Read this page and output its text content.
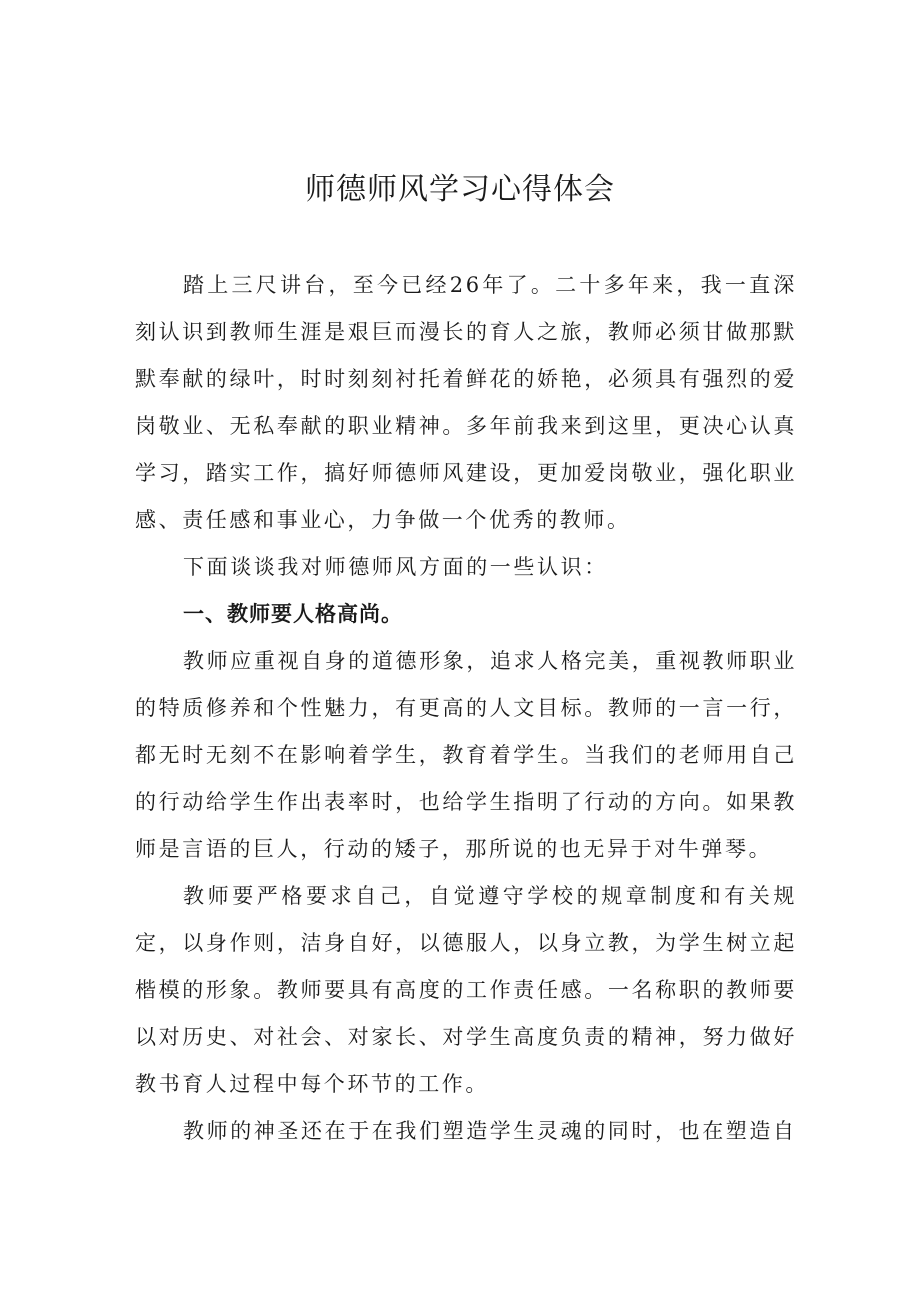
师德师风学习心得体会

踏上三尺讲台，至今已经26年了。二十多年来，我一直深刻认识到教师生涯是艰巨而漫长的育人之旅，教师必须甘做那默默奉献的绿叶，时时刻刻衬托着鲜花的娇艳，必须具有强烈的爱岗敬业、无私奉献的职业精神。多年前我来到这里，更决心认真学习，踏实工作，搞好师德师风建设，更加爱岗敬业，强化职业感、责任感和事业心，力争做一个优秀的教师。

下面谈谈我对师德师风方面的一些认识：

一、教师要人格高尚。

教师应重视自身的道德形象，追求人格完美，重视教师职业的特质修养和个性魅力，有更高的人文目标。教师的一言一行，都无时无刻不在影响着学生，教育着学生。当我们的老师用自己的行动给学生作出表率时，也给学生指明了行动的方向。如果教师是言语的巨人，行动的矮子，那所说的也无异于对牛弹琴。

教师要严格要求自己，自觉遵守学校的规章制度和有关规定，以身作则，洁身自好，以德服人，以身立教，为学生树立起楷模的形象。教师要具有高度的工作责任感。一名称职的教师要以对历史、对社会、对家长、对学生高度负责的精神，努力做好教书育人过程中每个环节的工作。

教师的神圣还在于在我们塑造学生灵魂的同时，也在塑造自
